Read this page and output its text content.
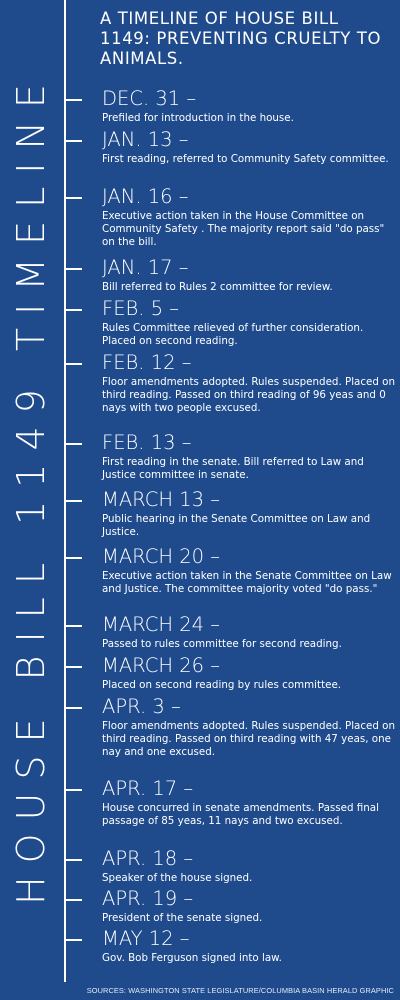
HOUSE BILL 1149 TIMELINE
A TIMELINE OF HOUSE BILL 1149: PREVENTING CRUELTY TO ANIMALS.
DEC. 31 –
Prefiled for introduction in the house.
JAN. 13 –
First reading, referred to Community Safety committee.
JAN. 16 –
Executive action taken in the House Committee on Community Safety . The majority report said "do pass" on the bill.
JAN. 17 –
Bill referred to Rules 2 committee for review.
FEB. 5 –
Rules Committee relieved of further consideration. Placed on second reading.
FEB. 12 –
Floor amendments adopted. Rules suspended. Placed on third reading. Passed on third reading of 96 yeas and 0 nays with two people excused.
FEB. 13 –
First reading in the senate. Bill referred to Law and Justice committee in senate.
MARCH 13 –
Public hearing in the Senate Committee on Law and Justice.
MARCH 20 –
Executive action taken in the Senate Committee on Law and Justice. The committee majority voted "do pass."
MARCH 24 –
Passed to rules committee for second reading.
MARCH 26 –
Placed on second reading by rules committee.
APR. 3 –
Floor amendments adopted. Rules suspended. Placed on third reading. Passed on third reading with 47 yeas, one nay and one excused.
APR. 17 –
House concurred in senate amendments. Passed final passage of 85 yeas, 11 nays and two excused.
APR. 18 –
Speaker of the house signed.
APR. 19 –
President of the senate signed.
MAY 12 –
Gov. Bob Ferguson signed into law.
SOURCES: WASHINGTON STATE LEGISLATURE/COLUMBIA BASIN HERALD GRAPHIC
